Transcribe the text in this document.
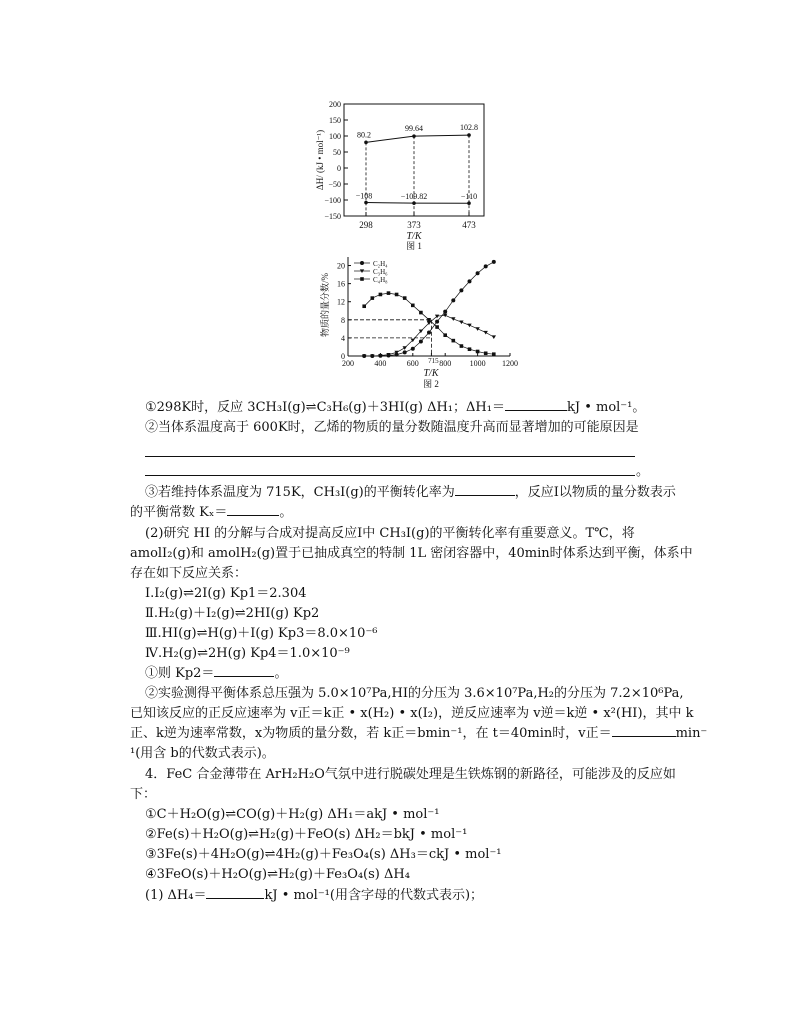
200
150
100
50
0
−50
−100
−150
298	373	473
80.2
99.64	102.8
−108	−109.82	−110
ΔH/ (kJ • mol⁻¹)
T/K
图 1
0
4
8
12
16
20
200	400	600 715 800 1000 1200
C₂H₄
C₃H₆
C₄H₈
物质的量分数/%
T/K
图 2
①298K时，反应 3CH₃I(g)⇌C₃H₆(g)＋3HI(g) ΔH₁；ΔH₁＝	kJ • mol⁻¹。
②当体系温度高于 600K时，乙烯的物质的量分数随温度升高而显著增加的可能原因是
。
③若维持体系温度为 715K，CH₃I(g)的平衡转化率为	，反应Ⅰ以物质的量分数表示
的平衡常数 Kₓ＝	。
(2)研究 HI 的分解与合成对提高反应Ⅰ中 CH₃I(g)的平衡转化率有重要意义。T℃，将
amolI₂(g)和 amolH₂(g)置于已抽成真空的特制 1L 密闭容器中，40min时体系达到平衡，体系中
存在如下反应关系：
Ⅰ.I₂(g)⇌2I(g) Kp1＝2.304
Ⅱ.H₂(g)＋I₂(g)⇌2HI(g) Kp2
Ⅲ.HI(g)⇌H(g)＋I(g) Kp3＝8.0×10⁻⁶
Ⅳ.H₂(g)⇌2H(g) Kp4＝1.0×10⁻⁹
①则 Kp2＝	。
②实验测得平衡体系总压强为 5.0×10⁷Pa,HI的分压为 3.6×10⁷Pa,H₂的分压为 7.2×10⁶Pa,
已知该反应的正反应速率为 v正＝k正 • x(H₂) • x(I₂)，逆反应速率为 v逆＝k逆 • x²(HI)，其中 k
正、k逆为速率常数，x为物质的量分数，若 k正＝bmin⁻¹，在 t＝40min时，v正＝	min⁻
¹(用含 b的代数式表示)。
4．FeC 合金薄带在 ArH₂H₂O气氛中进行脱碳处理是生铁炼钢的新路径，可能涉及的反应如
下：
①C＋H₂O(g)⇌CO(g)＋H₂(g) ΔH₁＝akJ • mol⁻¹
②Fe(s)＋H₂O(g)⇌H₂(g)＋FeO(s) ΔH₂＝bkJ • mol⁻¹
③3Fe(s)＋4H₂O(g)⇌4H₂(g)＋Fe₃O₄(s) ΔH₃＝ckJ • mol⁻¹
④3FeO(s)＋H₂O(g)⇌H₂(g)＋Fe₃O₄(s) ΔH₄
(1) ΔH₄＝	kJ • mol⁻¹(用含字母的代数式表示)；
